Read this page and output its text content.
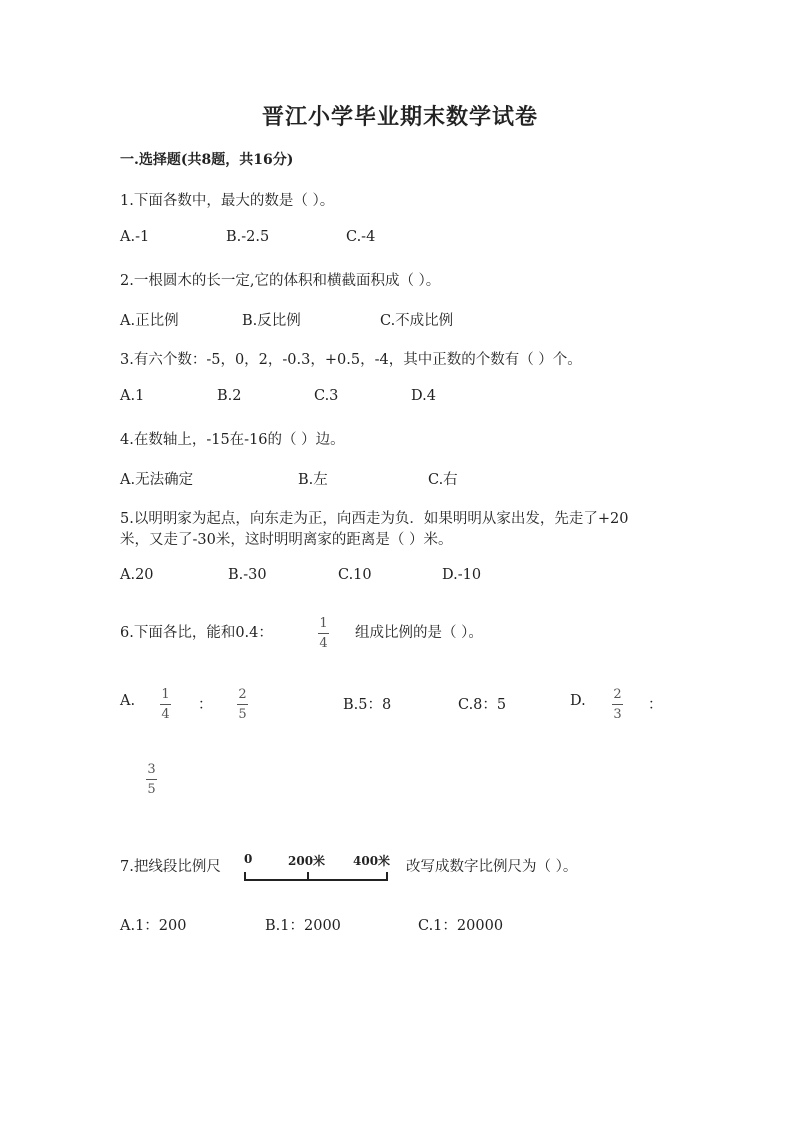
晋江小学毕业期末数学试卷
一.选择题(共8题，共16分)
1.下面各数中，最大的数是（ ）。
A.-1	B.-2.5	C.-4
2.一根圆木的长一定,它的体积和横截面积成（ ）。
A.正比例	B.反比例	C.不成比例
3.有六个数：-5，0，2，-0.3，+0.5，-4，其中正数的个数有（ ）个。
A.1	B.2	C.3	D.4
4.在数轴上，-15在-16的（ ）边。
A.无法确定	B.左	C.右
5.以明明家为起点，向东走为正，向西走为负．如果明明从家出发，先走了+20
米，又走了-30米，这时明明离家的距离是（ ）米。
A.20	B.-30	C.10	D.-10
6.下面各比，能和0.4：
1
4
组成比例的是（ ）。
A. 1
4
：
2
5
B.5：8	C.8：5	D. 2
3
：
3
5
7.把线段比例尺 0	200米 400米 改写成数字比例尺为（ ）。
A.1：200	B.1：2000	C.1：20000
